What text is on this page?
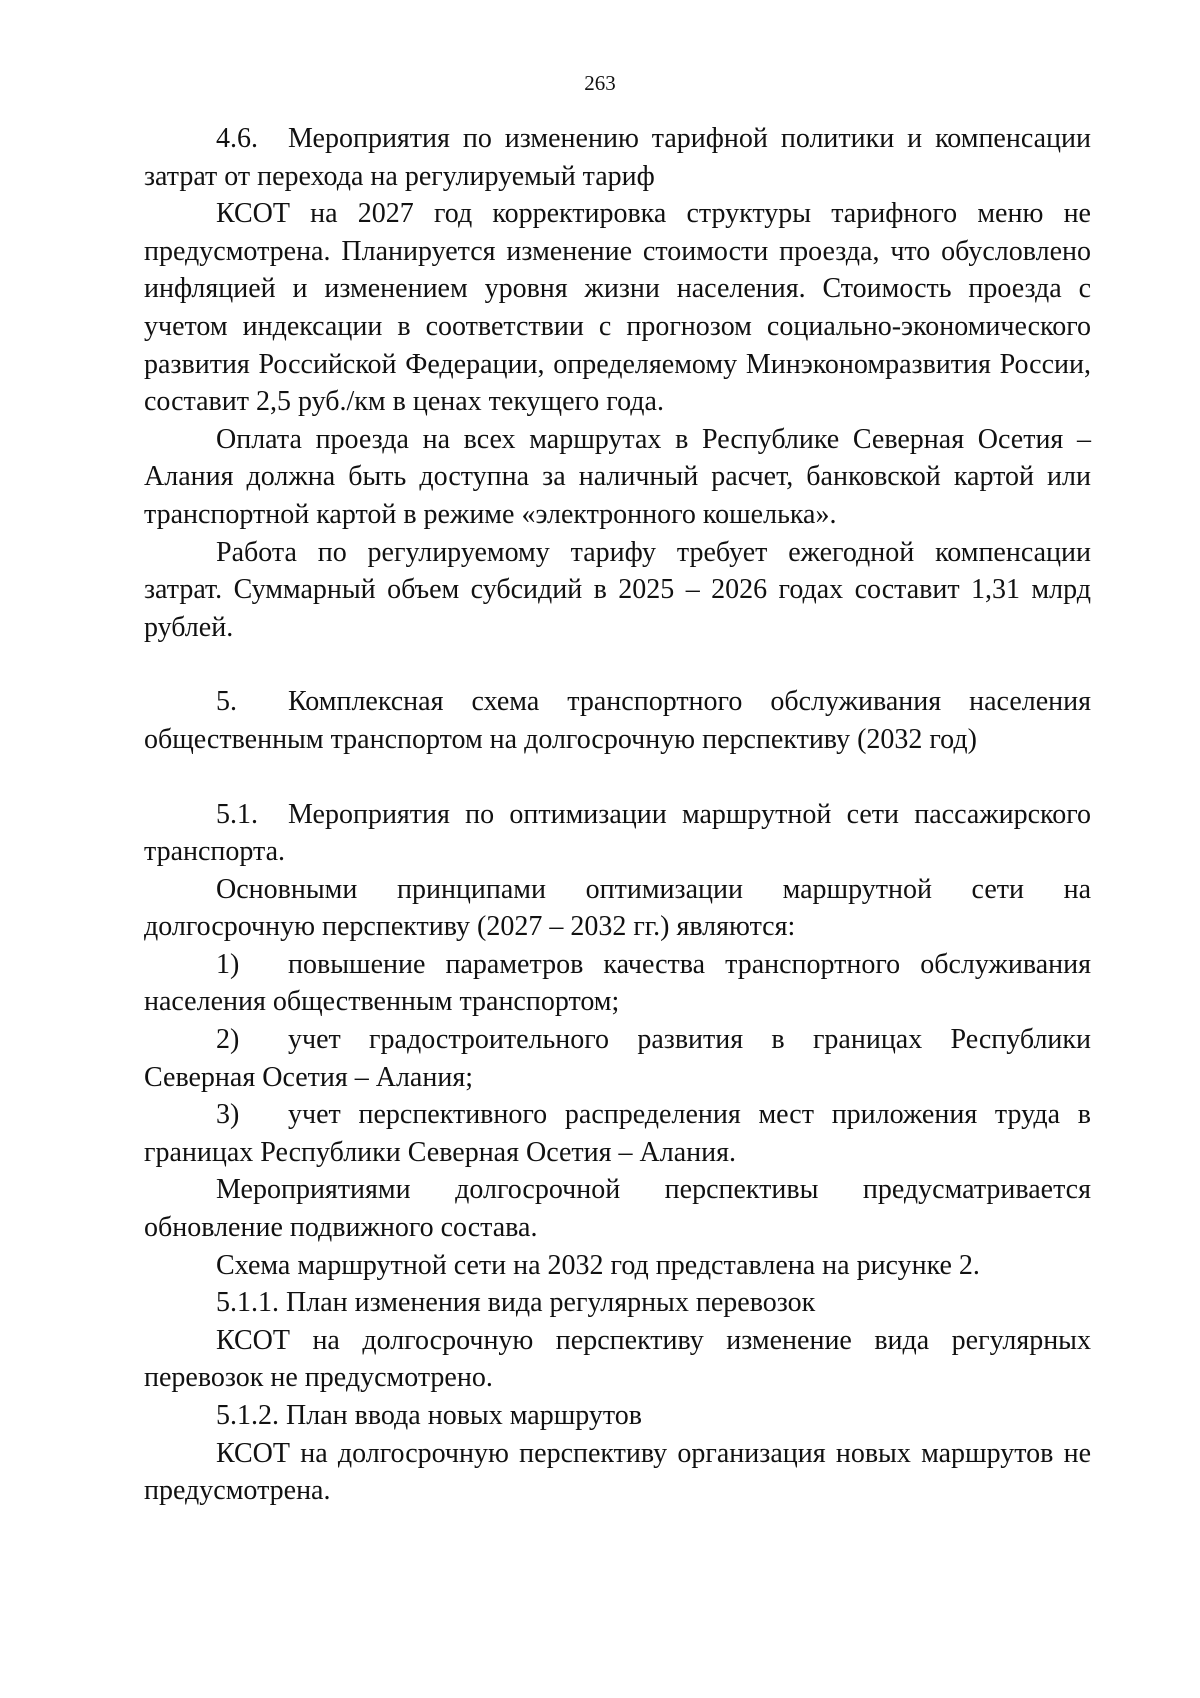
263

4.6. Мероприятия по изменению тарифной политики и компенсации затрат от перехода на регулируемый тариф

КСОТ на 2027 год корректировка структуры тарифного меню не предусмотрена. Планируется изменение стоимости проезда, что обусловлено инфляцией и изменением уровня жизни населения. Стоимость проезда с учетом индексации в соответствии с прогнозом социально-экономического развития Российской Федерации, определяемому Минэкономразвития России, составит 2,5 руб./км в ценах текущего года.

Оплата проезда на всех маршрутах в Республике Северная Осетия – Алания должна быть доступна за наличный расчет, банковской картой или транспортной картой в режиме «электронного кошелька».

Работа по регулируемому тарифу требует ежегодной компенсации затрат. Суммарный объем субсидий в 2025 – 2026 годах составит 1,31 млрд рублей.

5. Комплексная схема транспортного обслуживания населения общественным транспортом на долгосрочную перспективу (2032 год)

5.1. Мероприятия по оптимизации маршрутной сети пассажирского транспорта.

Основными принципами оптимизации маршрутной сети на долгосрочную перспективу (2027 – 2032 гг.) являются:

1) повышение параметров качества транспортного обслуживания населения общественным транспортом;

2) учет градостроительного развития в границах Республики Северная Осетия – Алания;

3) учет перспективного распределения мест приложения труда в границах Республики Северная Осетия – Алания.

Мероприятиями долгосрочной перспективы предусматривается обновление подвижного состава.

Схема маршрутной сети на 2032 год представлена на рисунке 2.

5.1.1. План изменения вида регулярных перевозок

КСОТ на долгосрочную перспективу изменение вида регулярных перевозок не предусмотрено.

5.1.2. План ввода новых маршрутов

КСОТ на долгосрочную перспективу организация новых маршрутов не предусмотрена.
